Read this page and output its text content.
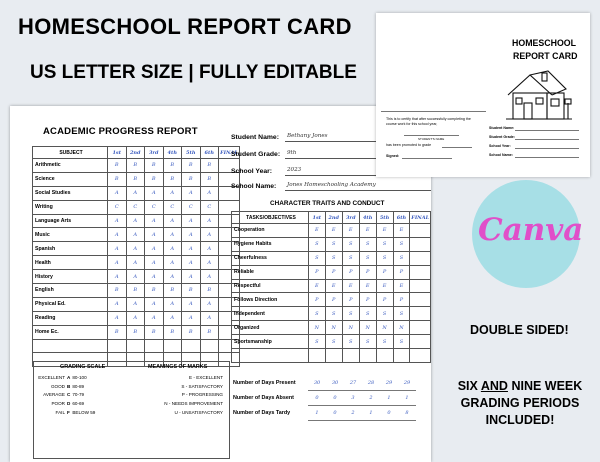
HOMESCHOOL REPORT CARD
US LETTER SIZE | FULLY EDITABLE
ACADEMIC PROGRESS REPORT
SUBJECT	1st	2nd	3rd	4th	5th	6th	FINAL
Arithmetic	B	B	B	B	B	B	
Science	B	B	B	B	B	B	
Social Studies	A	A	A	A	A	A	
Writing	C	C	C	C	C	C	
Language Arts	A	A	A	A	A	A	
Music	A	A	A	A	A	A	
Spanish	A	A	A	A	A	A	
Health	A	A	A	A	A	A	
History	A	A	A	A	A	A	
English	B	B	B	B	B	B	
Physical Ed.	A	A	A	A	A	A	
Reading	A	A	A	A	A	A	
Home Ec.	B	B	B	B	B	B	

Student Name:	Bethany Jones
Student Grade:	9th
School Year:	2023
School Name:	Jones Homeschooling Academy
CHARACTER TRAITS AND CONDUCT
TASKS/OBJECTIVES	1st	2nd	3rd	4th	5th	6th	FINAL
Cooperation	E	E	E	E	E	E	
Hygiene Habits	S	S	S	S	S	S	
Cheerfulness	S	S	S	S	S	S	
Reliable	P	P	P	P	P	P	
Respectful	E	E	E	E	E	E	
Follows Direction	P	P	P	P	P	P	
Independent	S	S	S	S	S	S	
Organized	N	N	N	N	N	N	
Sportsmanship	S	S	S	S	S	S	

GRADING SCALE	MEANINGS OF MARKS
EXCELLENT	A	80-100
GOOD	B	80-89
AVERAGE	C	70-79
POOR	D	60-69
FAIL	F	BELOW 59
E - EXCELLENT
S - SATISFACTORY
P - PROGRESSING
N - NEEDS IMPROVEMENT
U - UNSATISFACTORY
Number of Days Present	30	30	27	28	29	29
Number of Days Absent	0	0	3	2	1	1
Number of Days Tardy	1	0	2	1	0	8
This is to certify that after successfully completing the course work for this school year,
STUDENT'S NAME
has been promoted to grade
Signed:
Student Name:
Student Grade:
School Year:
School Name:
HOMESCHOOL
REPORT CARD
Canva
DOUBLE SIDED!
SIX AND NINE WEEK
GRADING PERIODS
INCLUDED!
